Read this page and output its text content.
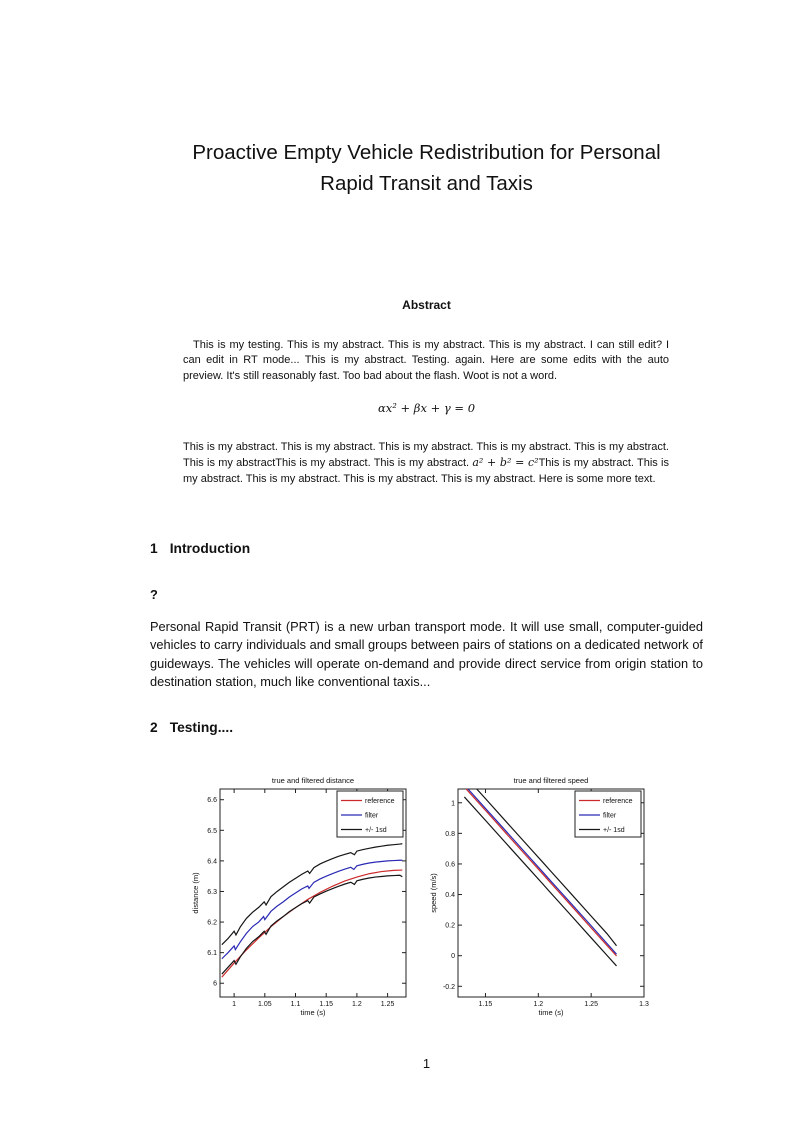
Proactive Empty Vehicle Redistribution for Personal
Rapid Transit and Taxis
Abstract

This is my testing. This is my abstract. This is my abstract. This is my abstract. I can still edit? I can edit in RT mode... This is my abstract. Testing. again. Here are some edits with the auto preview. It's still reasonably fast. Too bad about the flash. Woot is not a word.

αx² + βx + γ = 0

This is my abstract. This is my abstract. This is my abstract. This is my abstract. This is my abstract. This is my abstractThis is my abstract. This is my abstract. a² + b² = c²This is my abstract. This is my abstract. This is my abstract. This is my abstract. This is my abstract. Here is some more text.

1 Introduction

?

Personal Rapid Transit (PRT) is a new urban transport mode. It will use small, computer-guided vehicles to carry individuals and small groups between pairs of stations on a dedicated network of guideways. The vehicles will operate on-demand and provide direct service from origin station to destination station, much like conventional taxis...

2 Testing....
1	1.05	1.1	1.15	1.2	1.25
6
6.1
6.2
6.3
6.4
6.5
6.6
true and filtered distance
time (s)
distance (m)
reference
filter
+/- 1sd
1.15	1.2	1.25	1.3
-0.2
0
0.2
0.4
0.6
0.8
1
true and filtered speed
time (s)
speed (m/s)
reference
filter
+/- 1sd
1
